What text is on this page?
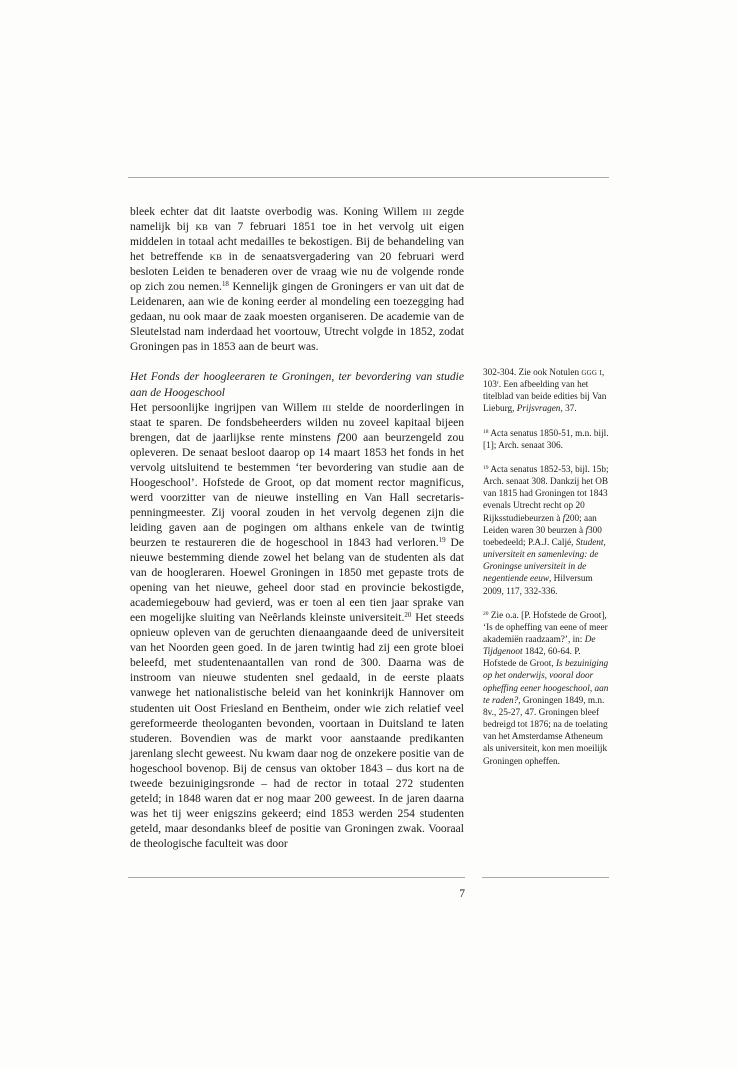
bleek echter dat dit laatste overbodig was. Koning Willem III zegde namelijk bij KB van 7 februari 1851 toe in het vervolg uit eigen middelen in totaal acht medailles te bekostigen. Bij de behandeling van het betreffende KB in de senaatsvergadering van 20 februari werd besloten Leiden te benaderen over de vraag wie nu de volgende ronde op zich zou nemen.$^{18}$ Kennelijk gingen de Groningers er van uit dat de Leidenaren, aan wie de koning eerder al mondeling een toezegging had gedaan, nu ook maar de zaak moesten organiseren. De academie van de Sleutelstad nam inderdaad het voortouw, Utrecht volgde in 1852, zodat Groningen pas in 1853 aan de beurt was.

Het Fonds der hoogleeraren te Groningen, ter bevordering van studie aan de Hoogeschool

Het persoonlijke ingrijpen van Willem III stelde de noorderlingen in staat te sparen. De fondsbeheerders wilden nu zoveel kapitaal bijeen brengen, dat de jaarlijkse rente minstens f200 aan beurzengeld zou opleveren. De senaat besloot daarop op 14 maart 1853 het fonds in het vervolg uitsluitend te bestemmen ‘ter bevordering van studie aan de Hoogeschool’. Hofstede de Groot, op dat moment rector magnificus, werd voorzitter van de nieuwe instelling en Van Hall secretaris-penningmeester. Zij vooral zouden in het vervolg degenen zijn die leiding gaven aan de pogingen om althans enkele van de twintig beurzen te restaureren die de hogeschool in 1843 had verloren.$^{19}$ De nieuwe bestemming diende zowel het belang van de studenten als dat van de hoogleraren. Hoewel Groningen in 1850 met gepaste trots de opening van het nieuwe, geheel door stad en provincie bekostigde, academiegebouw had gevierd, was er toen al een tien jaar sprake van een mogelijke sluiting van Neêrlands kleinste universiteit.$^{20}$ Het steeds opnieuw opleven van de geruchten dienaangaande deed de universiteit van het Noorden geen goed. In de jaren twintig had zij een grote bloei beleefd, met studentenaantallen van rond de 300. Daarna was de instroom van nieuwe studenten snel gedaald, in de eerste plaats vanwege het nationalistische beleid van het koninkrijk Hannover om studenten uit Oost Friesland en Bentheim, onder wie zich relatief veel gereformeerde theologanten bevonden, voortaan in Duitsland te laten studeren. Bovendien was de markt voor aanstaande predikanten jarenlang slecht geweest. Nu kwam daar nog de onzekere positie van de hogeschool bovenop. Bij de census van oktober 1843 – dus kort na de tweede bezuinigingsronde – had de rector in totaal 272 studenten geteld; in 1848 waren dat er nog maar 200 geweest. In de jaren daarna was het tij weer enigszins gekeerd; eind 1853 werden 254 studenten geteld, maar desondanks bleef de positie van Groningen zwak. Vooraal de theologische faculteit was door

302-304. Zie ook Notulen GGG I, 103$^r$. Een afbeelding van het titelblad van beide edities bij Van Lieburg, Prijsvragen, 37.
$^{18}$ Acta senatus 1850-51, m.n. bijl. [1]; Arch. senaat 306.
$^{19}$ Acta senatus 1852-53, bijl. 15b; Arch. senaat 308. Dankzij het OB van 1815 had Groningen tot 1843 evenals Utrecht recht op 20 Rijksstudiebeurzen à f200; aan Leiden waren 30 beurzen à f300 toebedeeld; P.A.J. Caljé, Student, universiteit en samenleving: de Groningse universiteit in de negentiende eeuw, Hilversum 2009, 117, 332-336.
$^{20}$ Zie o.a. [P. Hofstede de Groot], ‘Is de opheffing van eene of meer akademiën raadzaam?’, in: De Tijdgenoot 1842, 60-64. P. Hofstede de Groot, Is bezuiniging op het onderwijs, vooral door opheffing eener hoogeschool, aan te raden?, Groningen 1849, m.n. 8v., 25-27, 47. Groningen bleef bedreigd tot 1876; na de toelating van het Amsterdamse Atheneum als universiteit, kon men moeilijk Groningen opheffen.
7
